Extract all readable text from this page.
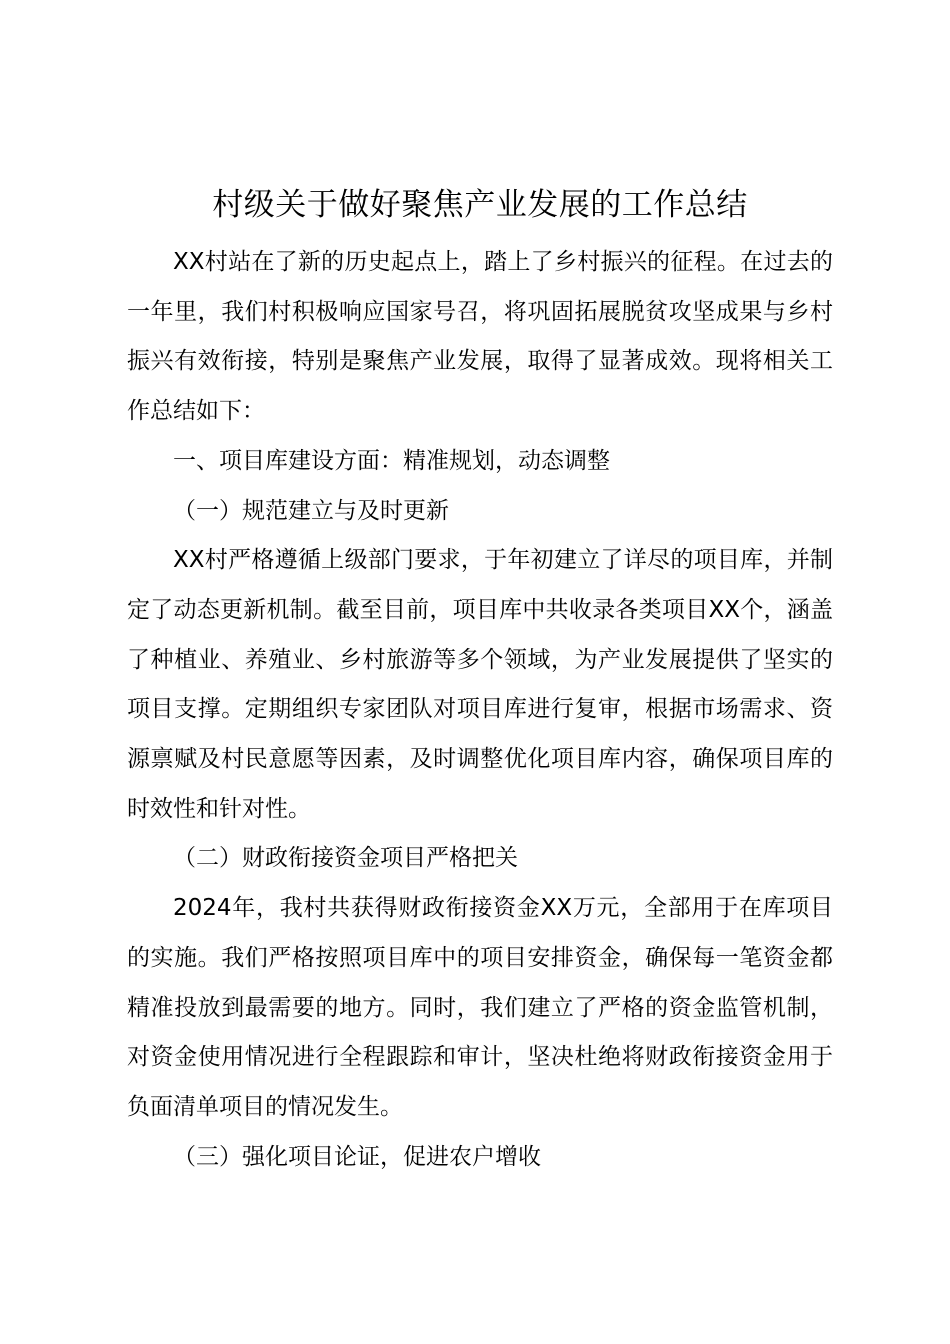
村级关于做好聚焦产业发展的工作总结

XX村站在了新的历史起点上，踏上了乡村振兴的征程。在过去的一年里，我们村积极响应国家号召，将巩固拓展脱贫攻坚成果与乡村振兴有效衔接，特别是聚焦产业发展，取得了显著成效。现将相关工作总结如下：

一、项目库建设方面：精准规划，动态调整

（一）规范建立与及时更新

XX村严格遵循上级部门要求，于年初建立了详尽的项目库，并制定了动态更新机制。截至目前，项目库中共收录各类项目XX个，涵盖了种植业、养殖业、乡村旅游等多个领域，为产业发展提供了坚实的项目支撑。定期组织专家团队对项目库进行复审，根据市场需求、资源禀赋及村民意愿等因素，及时调整优化项目库内容，确保项目库的时效性和针对性。

（二）财政衔接资金项目严格把关

2024年，我村共获得财政衔接资金XX万元，全部用于在库项目的实施。我们严格按照项目库中的项目安排资金，确保每一笔资金都精准投放到最需要的地方。同时，我们建立了严格的资金监管机制，对资金使用情况进行全程跟踪和审计，坚决杜绝将财政衔接资金用于负面清单项目的情况发生。

（三）强化项目论证，促进农户增收
